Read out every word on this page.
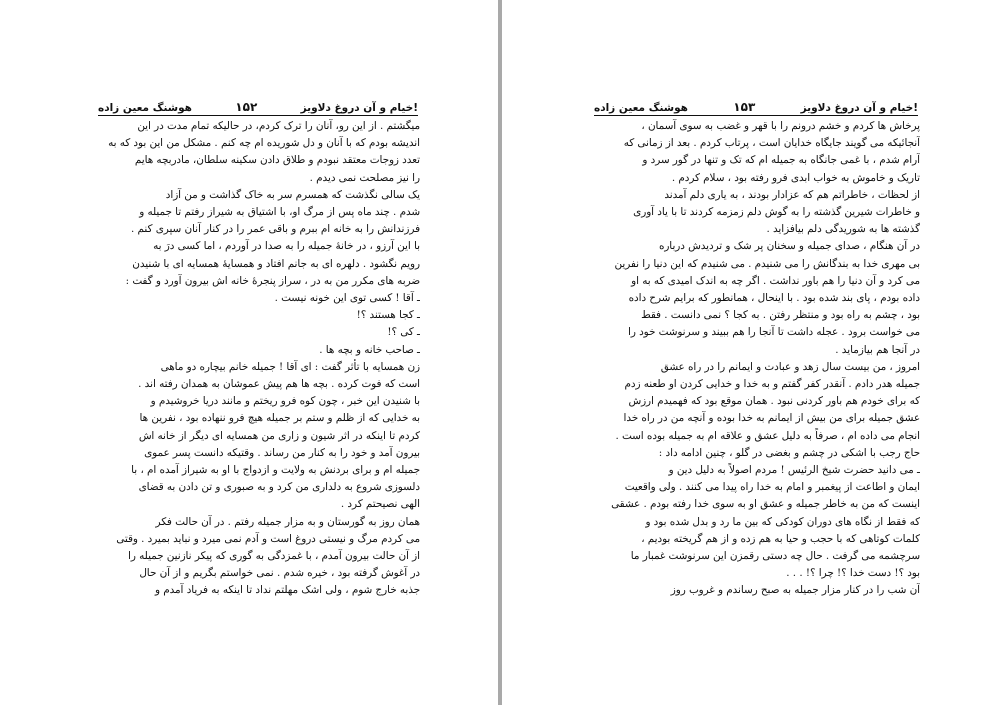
هوشنگ معین زاده	۱۵۲	خیام و آن دروغ دلاویز!

میگشتم . از این رو، آنان را ترک کردم، در حالیکه تمام مدت در این

اندیشه بودم که با آنان و دل شوریده ام چه کنم . مشکل من این بود که به

تعدد زوجات معتقد نبودم و طلاق دادن سکینه سلطان، مادربچه هایم

را نیز مصلحت نمی دیدم .

یک سالی نگذشت که همسرم سر به خاک گذاشت و من آزاد

شدم . چند ماه پس از مرگ او، با اشتیاق به شیراز رفتم تا جمیله و

فرزندانش را به خانه ام ببرم و باقی عمر را در کنار آنان سپری کنم .

با این آرزو ، در خانهٔ جمیله را به صدا در آوردم ، اما کسی درَ به

رویم نگشود . دلهره ای به جانم افتاد و همسایهٔ همسایه ای با شنیدن

ضربه های مکرر من به در ، سراز پنجرهٔ خانه اش بیرون آورد و گفت :

ـ آقا ! کسی توی این خونه نیست .

ـ کجا هستند ؟!

ـ کی ؟!

ـ صاحب خانه و بچه ها .

زن همسایه با تأثر گفت : ای آقا ! جمیله خانم بیچاره دو ماهی

است که فوت کرده . بچه ها هم پیش عموشان به همدان رفته اند .

با شنیدن این خبر ، چون کوه فرو ریختم و مانند دریا خروشیدم و

به خدایی که از ظلم و ستم بر جمیله هیچ فرو ننهاده بود ، نفرین ها

کردم تا اینکه در اثر شیون و زاری من همسایه ای دیگر از خانه اش

بیرون آمد و خود را به کنار من رساند . وقتیکه دانست پسر عموی

جمیله ام و برای بردنش به ولایت و ازدواج با او به شیراز آمده ام ، با

دلسوزی شروع به دلداری من کرد و به صبوری و تن دادن به قضای

الهی نصیحتم کرد .

همان روز به گورستان و به مزار جمیله رفتم . در آن حالت فکر

می کردم مرگ و نیستی دروغ است و آدم نمی میرد و نباید بمیرد . وقتی

از آن حالت بیرون آمدم ، با غمزدگی به گوری که پیکر نازنین جمیله را

در آغوش گرفته بود ، خیره شدم . نمی خواستم بگریم و از آن حال

جذبه خارج شوم ، ولی اشک مهلتم نداد تا اینکه به فریاد آمدم و

هوشنگ معین زاده	۱۵۳	خیام و آن دروغ دلاویز!

پرخاش ها کردم و خشم درونم را با قهر و غضب به سوی آسمان ،

آنجائیکه می گویند جایگاه خدایان است ، پرتاب کردم . بعد از زمانی که

آرام شدم ، با غمی جانگاه به جمیله ام که تک و تنها در گور سرد و

تاریک و خاموش به خواب ابدی فرو رفته بود ، سلام کردم .

از لحظات ، خاطراتم هم که عزادار بودند ، به یاری دلم آمدند

و خاطرات شیرین گذشته را به گوش دلم زمزمه کردند تا با یاد آوری

گذشته ها به شوریدگی دلم بیافزاید .

در آن هنگام ، صدای جمیله و سخنان پر شک و تردیدش درباره

بی مهری خدا به بندگانش را می شنیدم . می شنیدم که این دنیا را نفرین

می کرد و آن دنیا را هم باور نداشت . اگر چه به اندک امیدی که به او

داده بودم ، پای بند شده بود . با اینحال ، همانطور که برایم شرح داده

بود ، چشم به راه بود و منتظر رفتن . به کجا ؟ نمی دانست . فقط

می خواست برود . عجله داشت تا آنجا را هم ببیند و سرنوشت خود را

در آنجا هم بیازماید .

امروز ، من بیست سال زهد و عبادت و ایمانم را در راه عشق

جمیله هدر دادم . آنقدر کفر گفتم و به خدا و خدایی کردن او طعنه زدم

که برای خودم هم باور کردنی نبود . همان موقع بود که فهمیدم ارزش

عشق جمیله برای من بیش از ایمانم به خدا بوده و آنچه من در راه خدا

انجام می داده ام ، صرفاً به دلیل عشق و علاقه ام به جمیله بوده است .

حاج رجب با اشکی در چشم و بغضی در گلو ، چنین ادامه داد :

ـ می دانید حضرت شیخ الرئیس ! مردم اصولاً به دلیل دین و

ایمان و اطاعت از پیغمبر و امام به خدا راه پیدا می کنند . ولی واقعیت

اینست که من به خاطر جمیله و عشق او به سوی خدا رفته بودم . عشقی

که فقط از نگاه های دوران کودکی که بین ما رد و بدل شده بود و

کلمات کوتاهی که با حجب و حیا به هم زده و از هم گریخته بودیم ،

سرچشمه می گرفت . حال چه دستی رقمزن این سرنوشت غمبار ما

بود ؟! دست خدا ؟! چرا ؟! . . .

آن شب را در کنار مزار جمیله به صبح رساندم و غروب روز
